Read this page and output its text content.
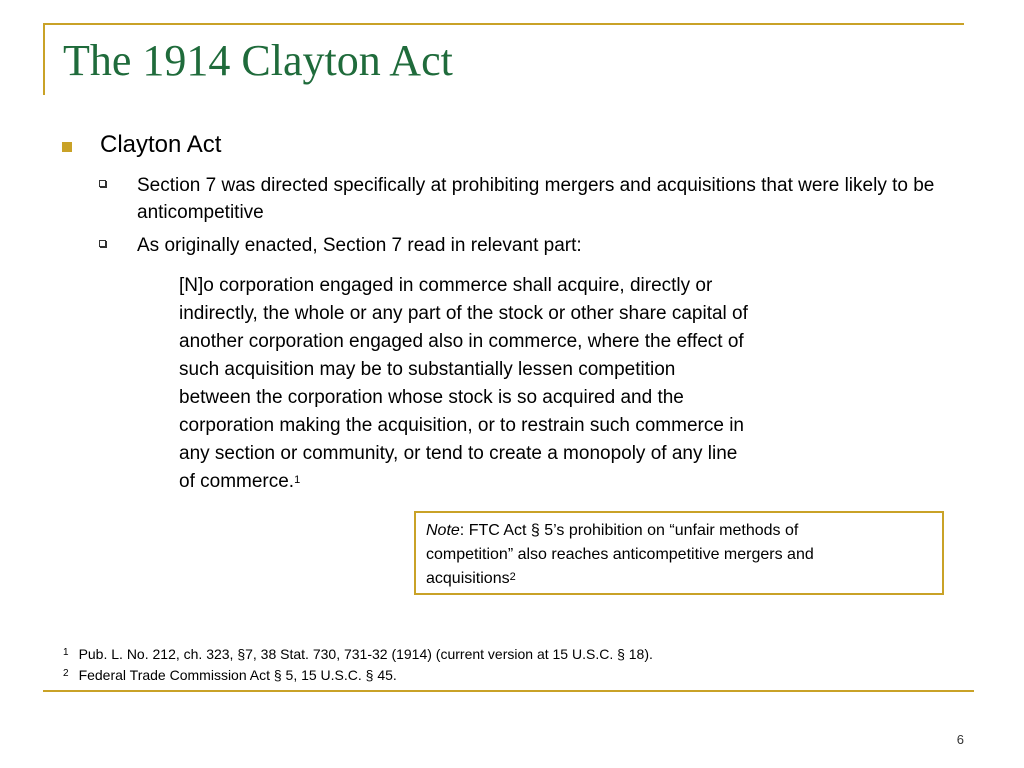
The 1914 Clayton Act
Clayton Act
Section 7 was directed specifically at prohibiting mergers and acquisitions that were likely to be anticompetitive
As originally enacted, Section 7 read in relevant part:
[N]o corporation engaged in commerce shall acquire, directly or
indirectly, the whole or any part of the stock or other share capital of
another corporation engaged also in commerce, where the effect of
such acquisition may be to substantially lessen competition
between the corporation whose stock is so acquired and the
corporation making the acquisition, or to restrain such commerce in
any section or community, or tend to create a monopoly of any line
of commerce.$^1$
Note: FTC Act § 5’s prohibition on “unfair methods of
competition” also reaches anticompetitive mergers and
acquisitions$^2$
$^1$ Pub. L. No. 212, ch. 323, §7, 38 Stat. 730, 731-32 (1914) (current version at 15 U.S.C. § 18).
$^2$ Federal Trade Commission Act § 5, 15 U.S.C. § 45.
6
